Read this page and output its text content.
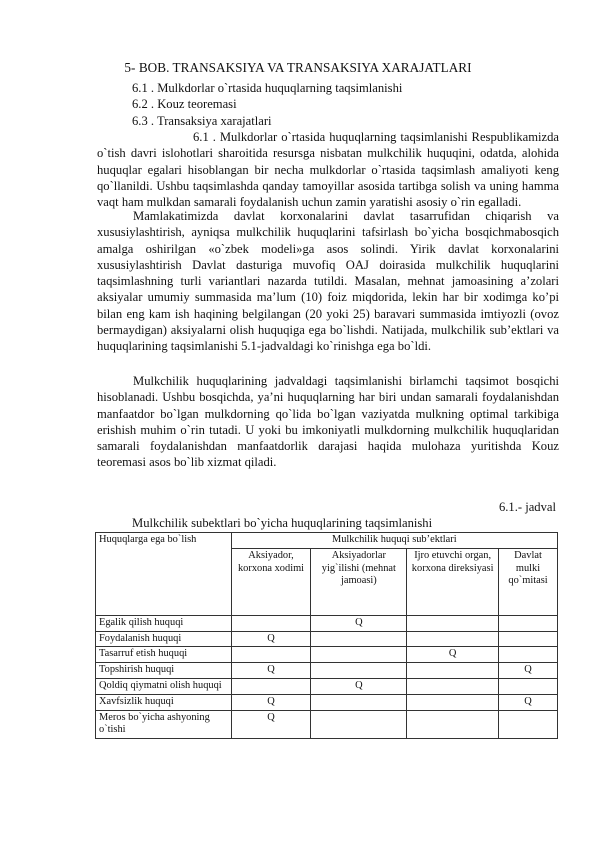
5- BOB. TRANSAKSIYA VA TRANSAKSIYA XARAJATLARI
6.1 . Mulkdorlar o`rtasida huquqlarning taqsimlanishi
6.2 . Kouz teoremasi
6.3 . Transaksiya xarajatlari

6.1 . Mulkdorlar o`rtasida huquqlarning taqsimlanishi Respublikamizda o`tish davri islohotlari sharoitida resursga nisbatan mulkchilik huquqini, odatda, alohida huquqlar egalari hisoblangan bir necha mulkdorlar o`rtasida taqsimlash amaliyoti keng qo`llanildi. Ushbu taqsimlashda qanday tamoyillar asosida tartibga solish va uning hamma vaqt ham mulkdan samarali foydalanish uchun zamin yaratishi asosiy o`rin egalladi.

Mamlakatimizda davlat korxonalarini davlat tasarrufidan chiqarish va xususiylashtirish, ayniqsa mulkchilik huquqlarini tafsirlash bo`yicha bosqichmabosqich amalga oshirilgan «o`zbek modeli»ga asos solindi. Yirik davlat korxonalarini xususiylashtirish Davlat dasturiga muvofiq OAJ doirasida mulkchilik huquqlarini taqsimlashning turli variantlari nazarda tutildi. Masalan, mehnat jamoasining a’zolari aksiyalar umumiy summasida ma’lum (10) foiz miqdorida, lekin har bir xodimga ko’pi bilan eng kam ish haqining belgilangan (20 yoki 25) baravari summasida imtiyozli (ovoz bermaydigan) aksiyalarni olish huquqiga ega bo`lishdi. Natijada, mulkchilik sub’ektlari va huquqlarining taqsimlanishi 5.1-jadvaldagi ko`rinishga ega bo`ldi.

Mulkchilik huquqlarining jadvaldagi taqsimlanishi birlamchi taqsimot bosqichi hisoblanadi. Ushbu bosqichda, ya’ni huquqlarning har biri undan samarali foydalanishdan manfaatdor bo`lgan mulkdorning qo`lida bo`lgan vaziyatda mulkning optimal tarkibiga erishish muhim o`rin tutadi. U yoki bu imkoniyatli mulkdorning mulkchilik huquqlaridan samarali foydalanishdan manfaatdorlik darajasi haqida mulohaza yuritishda Kouz teoremasi asos bo`lib xizmat qiladi.

6.1.- jadval
Mulkchilik subektlari bo`yicha huquqlarining taqsimlanishi
Huquqlarga ega bo`lish	Mulkchilik huquqi sub’ektlari			
	Aksiyador, korxona xodimi	Aksiyadorlar yig`ilishi (mehnat jamoasi)	Ijro etuvchi organ, korxona direksiyasi	Davlat mulki qo`mitasi
Egalik qilish huquqi		Q		
Foydalanish huquqi	Q			
Tasarruf etish huquqi			Q	
Topshirish huquqi	Q			Q
Qoldiq qiymatni olish huquqi		Q		
Xavfsizlik huquqi	Q			Q
Meros bo`yicha ashyoning o`tishi	Q			
